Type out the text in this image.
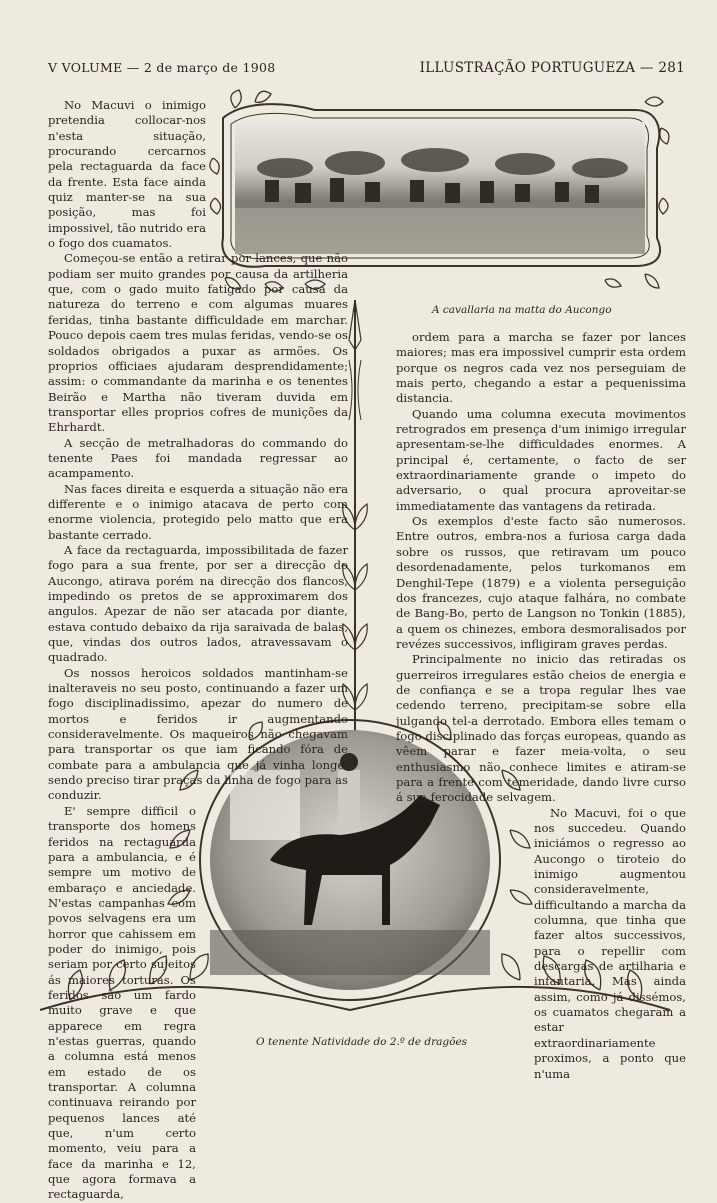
V VOLUME — 2 de março de 1908	ILLUSTRAÇÃO PORTUGUEZA — 281
A cavallaria na matta do Aucongo
O tenente Natividade do 2.º de dragões

No Macuvi o inimigo pretendia collocar-nos n'esta situação, procurando cercarnos pela rectaguarda da face da frente. Esta face ainda quiz manter-se na sua posição, mas foi impossivel, tão nutrido era o fogo dos cuamatos.

Começou-se então a retirar por lances, que não podiam ser muito grandes por causa da artilheria que, com o gado muito fatigado por causa da natureza do terreno e com algumas muares feridas, tinha bastante difficuldade em marchar. Pouco depois caem tres mulas feridas, vendo-se os soldados obrigados a puxar as armões. Os proprios officiaes ajudaram desprendidamente; assim: o commandante da marinha e os tenentes Beirão e Martha não tiveram duvida em transportar elles proprios cofres de munições da Ehrhardt.

A secção de metralhadoras do commando do tenente Paes foi mandada regressar ao acampamento.

Nas faces direita e esquerda a situação não era differente e o inimigo atacava de perto com enorme violencia, protegido pelo matto que era bastante cerrado.

A face da rectaguarda, impossibilitada de fazer fogo para a sua frente, por ser a direcção do Aucongo, atirava porém na direcção dos flancos, impedindo os pretos de se approximarem dos angulos. Apezar de não ser atacada por diante, estava contudo debaixo da rija saraivada de balas, que, vindas dos outros lados, atravessavam o quadrado.

Os nossos heroicos soldados mantinham-se inalteraveis no seu posto, continuando a fazer um fogo disciplinadissimo, apezar do numero de mortos e feridos ir augmentando consideravelmente. Os maqueiros não chegavam para transportar os que iam ficando fóra de combate para a ambulancia que já vinha longe, sendo preciso tirar praças da linha de fogo para as conduzir.

E' sempre difficil o transporte dos homens feridos na rectaguarda para a ambulancia, e é sempre um motivo de embaraço e anciedade. N'estas campanhas com povos selvagens era um horror que cahissem em poder do inimigo, pois seriam por certo sujeitos ás maiores torturas. Os feridos são um fardo muito grave e que apparece em regra n'estas guerras, quando a columna está menos em estado de os transportar. A columna continuava reirando por pequenos lances até que, n'um certo momento, veiu para a face da marinha e 12, que agora formava a rectaguarda,

ordem para a marcha se fazer por lances maiores; mas era impossivel cumprir esta ordem porque os negros cada vez nos perseguiam de mais perto, chegando a estar a pequenissima distancia.

Quando uma columna executa movimentos retrogrados em presença d'um inimigo irregular apresentam-se-lhe difficuldades enormes. A principal é, certamente, o facto de ser extraordinariamente grande o impeto do adversario, o qual procura aproveitar-se immediatamente das vantagens da retirada.

Os exemplos d'este facto são numerosos. Entre outros, embra-nos a furiosa carga dada sobre os russos, que retiravam um pouco desordenadamente, pelos turkomanos em Denghil-Tepe (1879) e a violenta perseguição dos francezes, cujo ataque falhára, no combate de Bang-Bo, perto de Langson no Tonkin (1885), a quem os chinezes, embora desmoralisados por revézes successivos, infligiram graves perdas.

Principalmente no inicio das retiradas os guerreiros irregulares estão cheios de energia e de confiança e se a tropa regular lhes vae cedendo terreno, precipitam-se sobre ella julgando tel-a derrotado. Embora elles temam o fogo disciplinado das forças europeas, quando as vêem parar e fazer meia-volta, o seu enthusiasmo não conhece limites e atiram-se para a frente com temeridade, dando livre curso á sua ferocidade selvagem.

No Macuvi, foi o que nos succedeu. Quando iniciámos o regresso ao Aucongo o tiroteio do inimigo augmentou consideravelmente, difficultando a marcha da columna, que tinha que fazer altos successivos, para o repellir com descargas de artilharia e infantaria. Mas ainda assim, como já dissémos, os cuamatos chegaram a estar extraordinariamente proximos, a ponto que n'uma
